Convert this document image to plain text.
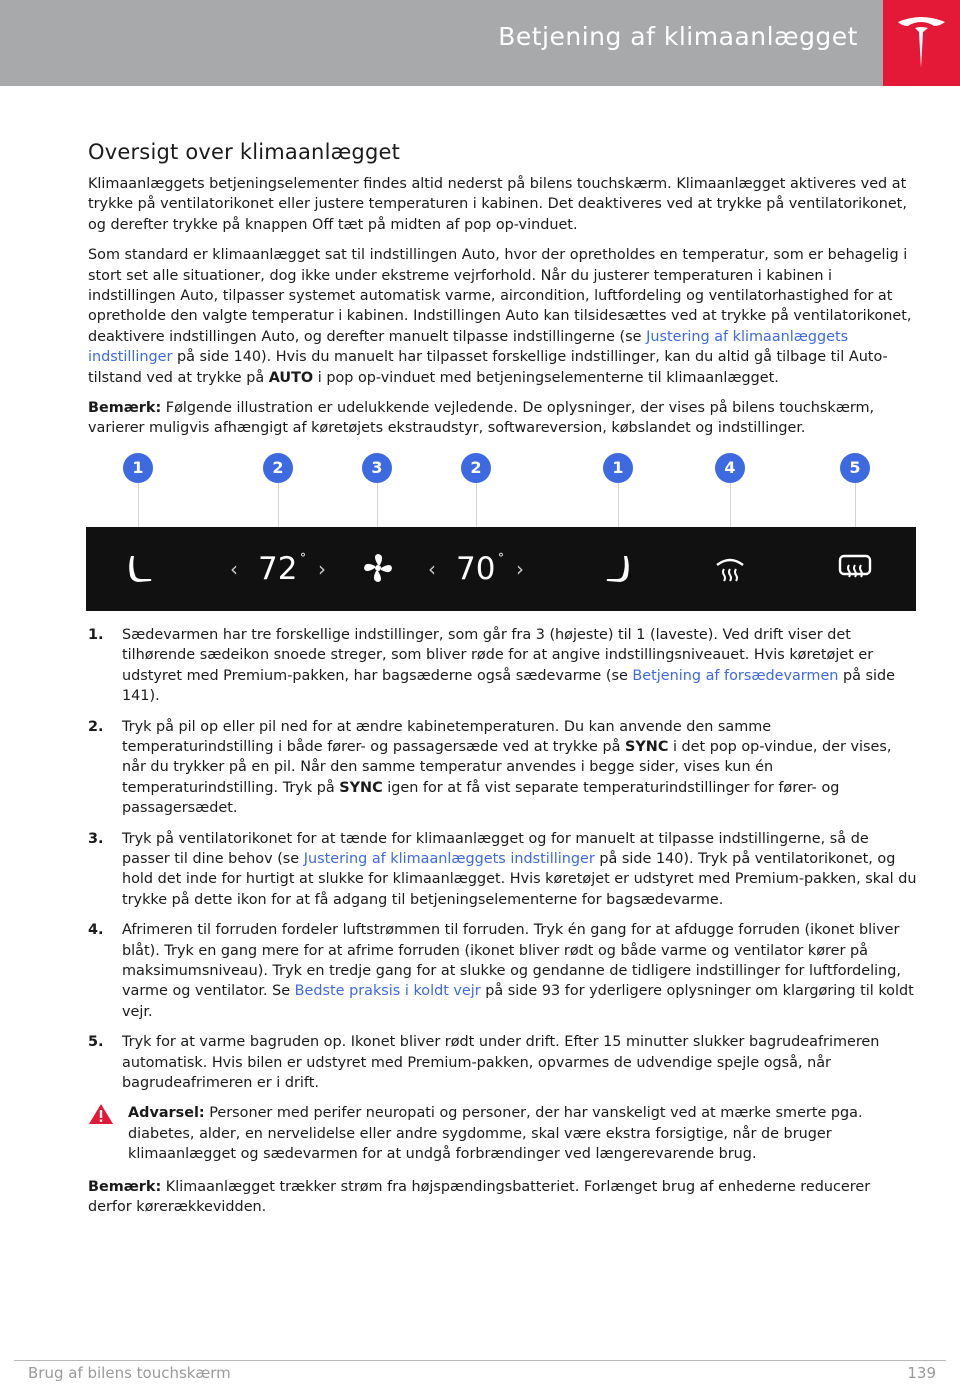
Betjening af klimaanlægget
Oversigt over klimaanlægget

Klimaanlæggets betjeningselementer findes altid nederst på bilens touchskærm. Klimaanlægget aktiveres ved at trykke på ventilatorikonet eller justere temperaturen i kabinen. Det deaktiveres ved at trykke på ventilatorikonet, og derefter trykke på knappen Off tæt på midten af pop op-vinduet.

Som standard er klimaanlægget sat til indstillingen Auto, hvor der opretholdes en temperatur, som er behagelig i stort set alle situationer, dog ikke under ekstreme vejrforhold. Når du justerer temperaturen i kabinen i indstillingen Auto, tilpasser systemet automatisk varme, aircondition, luftfordeling og ventilatorhastighed for at opretholde den valgte temperatur i kabinen. Indstillingen Auto kan tilsidesættes ved at trykke på ventilatorikonet, deaktivere indstillingen Auto, og derefter manuelt tilpasse indstillingerne (se Justering af klimaanlæggets indstillinger på side 140). Hvis du manuelt har tilpasset forskellige indstillinger, kan du altid gå tilbage til Auto-tilstand ved at trykke på AUTO i pop op-vinduet med betjeningselementerne til klimaanlægget.

Bemærk: Følgende illustration er udelukkende vejledende. De oplysninger, der vises på bilens touchskærm, varierer muligvis afhængigt af køretøjets ekstraudstyr, softwareversion, købslandet og indstillinger.

1	2	3	2	1	4	5
‹ 72 ° ›	‹ 70 ° ›
1. Sædevarmen har tre forskellige indstillinger, som går fra 3 (højeste) til 1 (laveste). Ved drift viser det tilhørende sædeikon snoede streger, som bliver røde for at angive indstillingsniveauet. Hvis køretøjet er udstyret med Premium-pakken, har bagsæderne også sædevarme (se Betjening af forsædevarmen på side 141).
2. Tryk på pil op eller pil ned for at ændre kabinetemperaturen. Du kan anvende den samme temperaturindstilling i både fører- og passagersæde ved at trykke på SYNC i det pop op-vindue, der vises, når du trykker på en pil. Når den samme temperatur anvendes i begge sider, vises kun én temperaturindstilling. Tryk på SYNC igen for at få vist separate temperaturindstillinger for fører- og passagersædet.
3. Tryk på ventilatorikonet for at tænde for klimaanlægget og for manuelt at tilpasse indstillingerne, så de passer til dine behov (se Justering af klimaanlæggets indstillinger på side 140). Tryk på ventilatorikonet, og hold det inde for hurtigt at slukke for klimaanlægget. Hvis køretøjet er udstyret med Premium-pakken, skal du trykke på dette ikon for at få adgang til betjeningselementerne for bagsædevarme.
4. Afrimeren til forruden fordeler luftstrømmen til forruden. Tryk én gang for at afdugge forruden (ikonet bliver blåt). Tryk en gang mere for at afrime forruden (ikonet bliver rødt og både varme og ventilator kører på maksimumsniveau). Tryk en tredje gang for at slukke og gendanne de tidligere indstillinger for luftfordeling, varme og ventilator. Se Bedste praksis i koldt vejr på side 93 for yderligere oplysninger om klargøring til koldt vejr.
5. Tryk for at varme bagruden op. Ikonet bliver rødt under drift. Efter 15 minutter slukker bagrudeafrimeren automatisk. Hvis bilen er udstyret med Premium-pakken, opvarmes de udvendige spejle også, når bagrudeafrimeren er i drift.
Advarsel: Personer med perifer neuropati og personer, der har vanskeligt ved at mærke smerte pga. diabetes, alder, en nervelidelse eller andre sygdomme, skal være ekstra forsigtige, når de bruger klimaanlægget og sædevarmen for at undgå forbrændinger ved længerevarende brug.

Bemærk: Klimaanlægget trækker strøm fra højspændingsbatteriet. Forlænget brug af enhederne reducerer derfor kørerækkevidden.

Brug af bilens touchskærm	139
